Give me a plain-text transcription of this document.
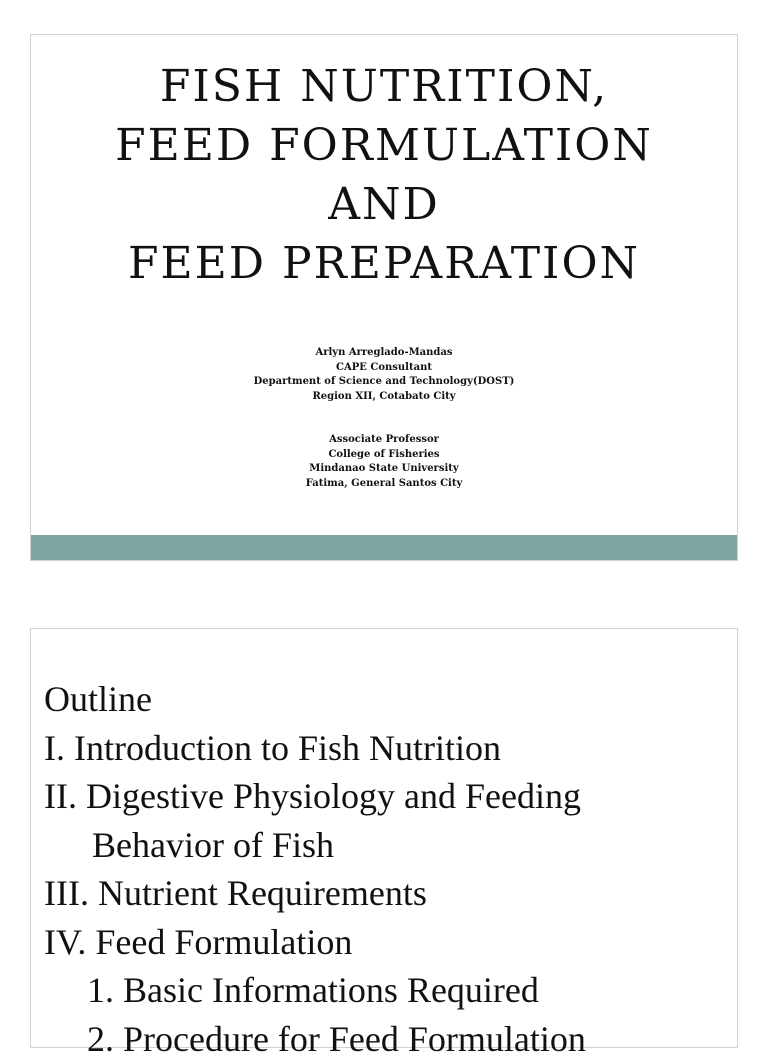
FISH NUTRITION,
FEED FORMULATION
AND
FEED PREPARATION
Arlyn Arreglado-Mandas
CAPE Consultant
Department of Science and Technology(DOST)
Region XII, Cotabato City
Associate Professor
College of Fisheries
Mindanao State University
Fatima, General Santos City
Outline
I. Introduction to Fish Nutrition
II. Digestive Physiology and Feeding
Behavior of Fish
III. Nutrient Requirements
IV. Feed Formulation
1. Basic Informations Required
2. Procedure for Feed Formulation
